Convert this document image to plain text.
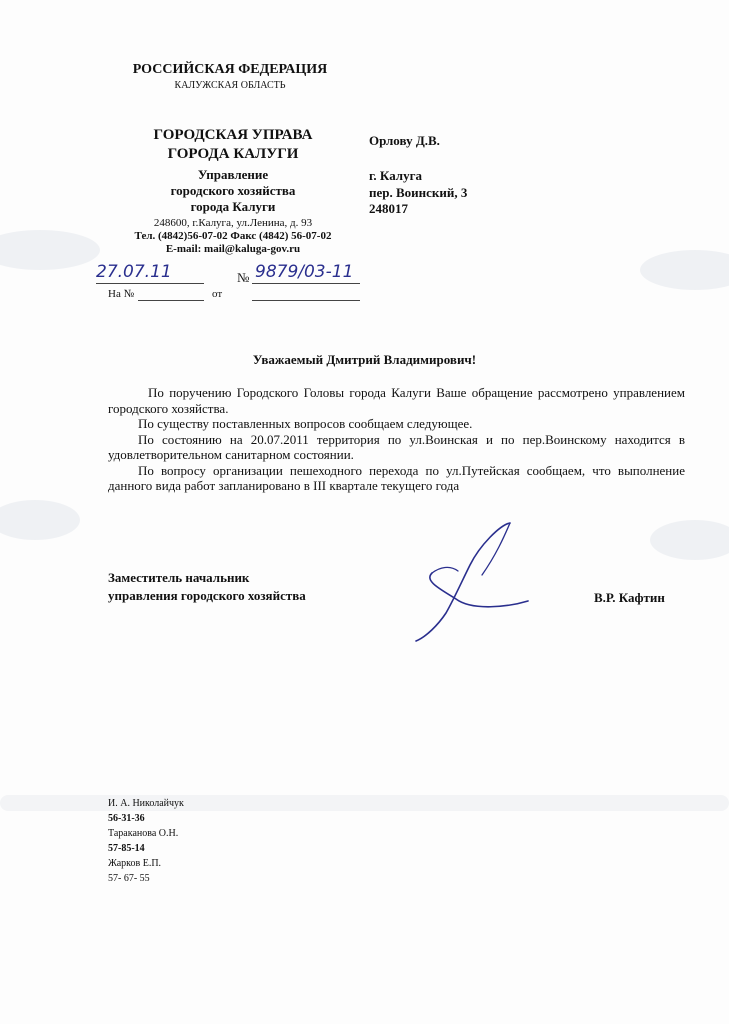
РОССИЙСКАЯ ФЕДЕРАЦИЯ
КАЛУЖСКАЯ ОБЛАСТЬ
ГОРОДСКАЯ УПРАВА
ГОРОДА КАЛУГИ
Управление
городского хозяйства
города Калуги
248600, г.Калуга, ул.Ленина, д. 93
Тел. (4842)56-07-02 Факс (4842) 56-07-02
E-mail: mail@kaluga-gov.ru
Орлову Д.В.
г. Калуга
пер. Воинский, 3
248017
27.07.11	№ 9879/03-11
На №	от
Уважаемый Дмитрий Владимирович!

По поручению Городского Головы города Калуги Ваше обращение рассмотрено управлением городского хозяйства.

По существу поставленных вопросов сообщаем следующее.

По состоянию на 20.07.2011 территория по ул.Воинская и по пер.Воинскому находится в удовлетворительном санитарном состоянии.

По вопросу организации пешеходного перехода по ул.Путейская сообщаем, что выполнение данного вида работ запланировано в III квартале текущего года

Заместитель начальник
управления городского хозяйства	В.Р. Кафтин
И. А. Николайчук
56-31-36
Тараканова О.Н.
57-85-14
Жарков Е.П.
57- 67- 55
